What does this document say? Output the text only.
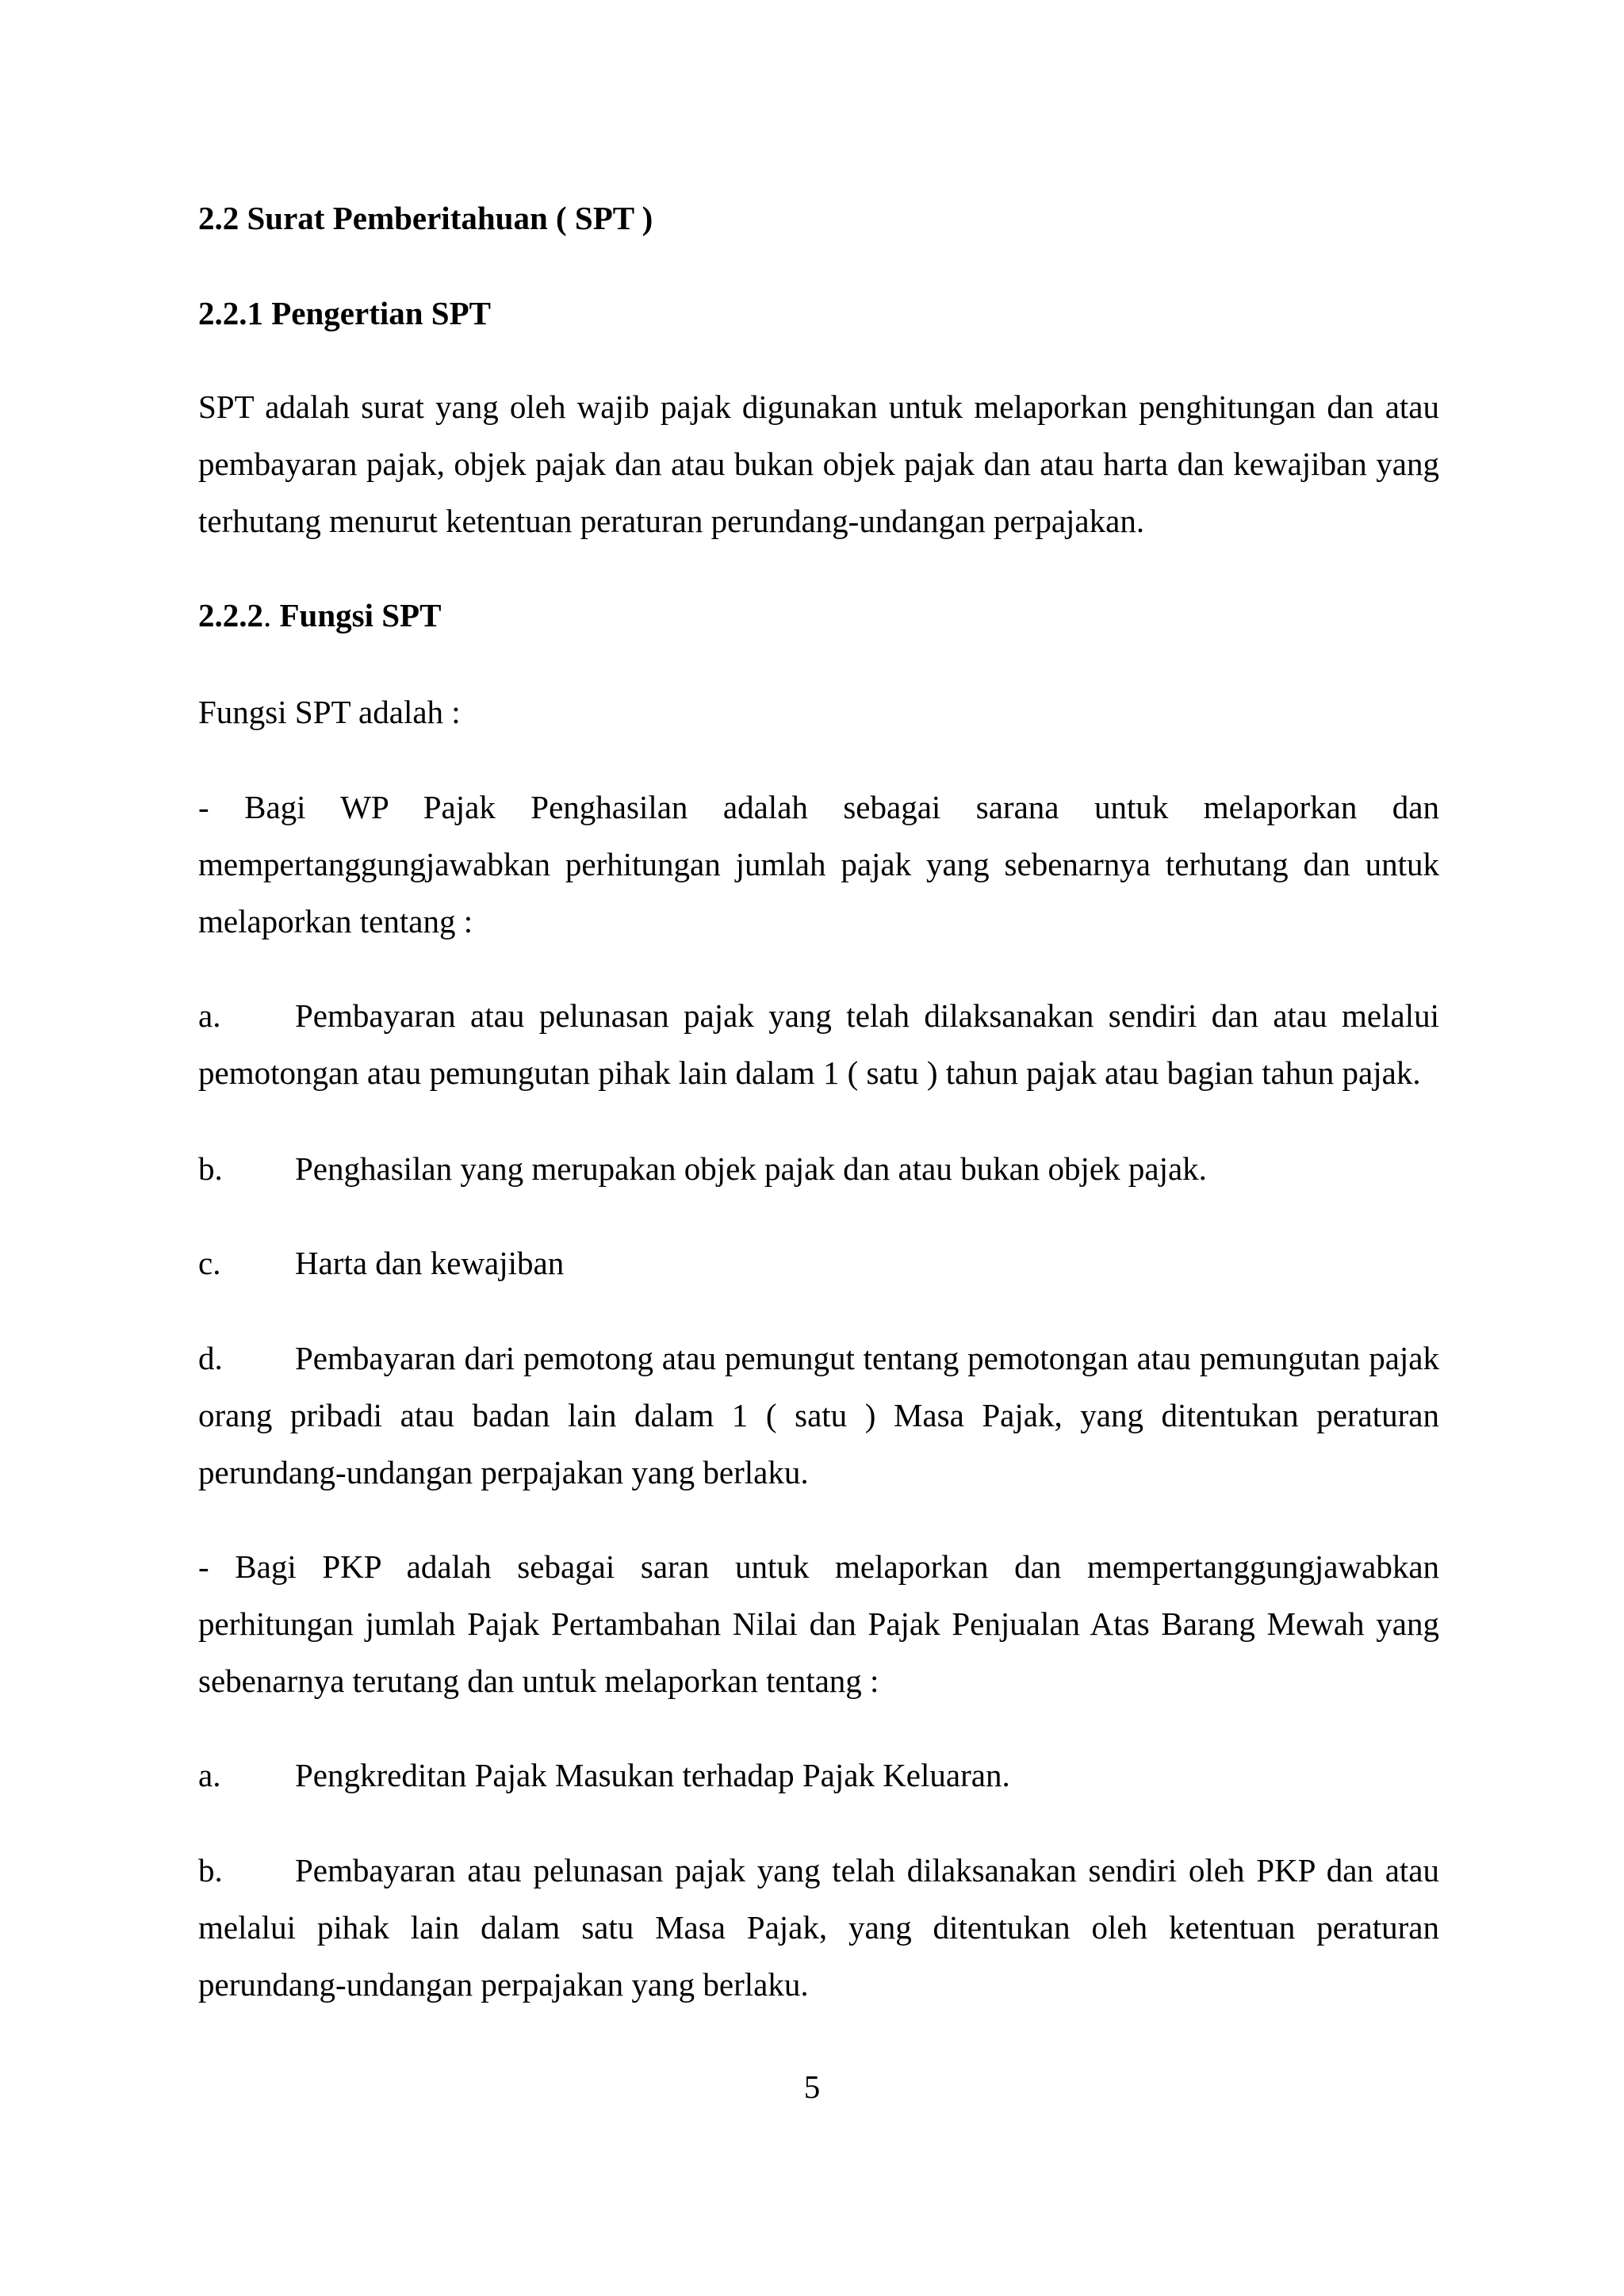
2.2 Surat Pemberitahuan ( SPT )

2.2.1 Pengertian SPT

SPT adalah surat yang oleh wajib pajak digunakan untuk melaporkan penghitungan dan atau pembayaran pajak, objek pajak dan atau bukan objek pajak dan atau harta dan kewajiban yang terhutang menurut ketentuan peraturan perundang-undangan perpajakan.

2.2.2. Fungsi SPT

Fungsi SPT adalah :

- Bagi WP Pajak Penghasilan adalah sebagai sarana untuk melaporkan dan mempertanggungjawabkan perhitungan jumlah pajak yang sebenarnya terhutang dan untuk melaporkan tentang :

a. Pembayaran atau pelunasan pajak yang telah dilaksanakan sendiri dan atau melalui pemotongan atau pemungutan pihak lain dalam 1 ( satu ) tahun pajak atau bagian tahun pajak.

b. Penghasilan yang merupakan objek pajak dan atau bukan objek pajak.

c. Harta dan kewajiban

d. Pembayaran dari pemotong atau pemungut tentang pemotongan atau pemungutan pajak orang pribadi atau badan lain dalam 1 ( satu ) Masa Pajak, yang ditentukan peraturan perundang-undangan perpajakan yang berlaku.

- Bagi PKP adalah sebagai saran untuk melaporkan dan mempertanggungjawabkan perhitungan jumlah Pajak Pertambahan Nilai dan Pajak Penjualan Atas Barang Mewah yang sebenarnya terutang dan untuk melaporkan tentang :

a. Pengkreditan Pajak Masukan terhadap Pajak Keluaran.

b. Pembayaran atau pelunasan pajak yang telah dilaksanakan sendiri oleh PKP dan atau melalui pihak lain dalam satu Masa Pajak, yang ditentukan oleh ketentuan peraturan perundang-undangan perpajakan yang berlaku.

5
